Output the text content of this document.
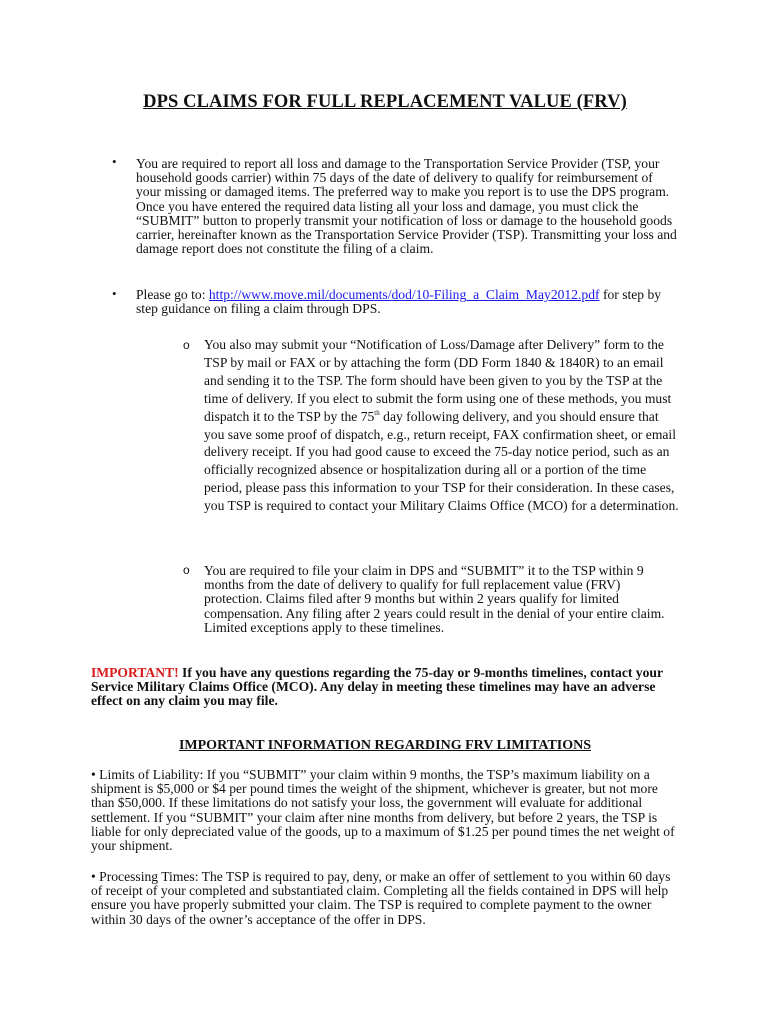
DPS CLAIMS FOR FULL REPLACEMENT VALUE (FRV)
• You are required to report all loss and damage to the Transportation Service Provider (TSP, your household goods carrier) within 75 days of the date of delivery to qualify for reimbursement of your missing or damaged items. The preferred way to make you report is to use the DPS program. Once you have entered the required data listing all your loss and damage, you must click the “SUBMIT” button to properly transmit your notification of loss or damage to the household goods carrier, hereinafter known as the Transportation Service Provider (TSP). Transmitting your loss and damage report does not constitute the filing of a claim.
• Please go to: http://www.move.mil/documents/dod/10-Filing_a_Claim_May2012.pdf for step by step guidance on filing a claim through DPS.
o You also may submit your “Notification of Loss/Damage after Delivery” form to the TSP by mail or FAX or by attaching the form (DD Form 1840 & 1840R) to an email and sending it to the TSP. The form should have been given to you by the TSP at the time of delivery. If you elect to submit the form using one of these methods, you must dispatch it to the TSP by the 75th day following delivery, and you should ensure that you save some proof of dispatch, e.g., return receipt, FAX confirmation sheet, or email delivery receipt. If you had good cause to exceed the 75-day notice period, such as an officially recognized absence or hospitalization during all or a portion of the time period, please pass this information to your TSP for their consideration. In these cases, you TSP is required to contact your Military Claims Office (MCO) for a determination.
o You are required to file your claim in DPS and “SUBMIT” it to the TSP within 9 months from the date of delivery to qualify for full replacement value (FRV) protection. Claims filed after 9 months but within 2 years qualify for limited compensation. Any filing after 2 years could result in the denial of your entire claim. Limited exceptions apply to these timelines.
IMPORTANT! If you have any questions regarding the 75-day or 9-months timelines, contact your Service Military Claims Office (MCO). Any delay in meeting these timelines may have an adverse effect on any claim you may file.
IMPORTANT INFORMATION REGARDING FRV LIMITATIONS
• Limits of Liability: If you “SUBMIT” your claim within 9 months, the TSP’s maximum liability on a shipment is $5,000 or $4 per pound times the weight of the shipment, whichever is greater, but not more than $50,000. If these limitations do not satisfy your loss, the government will evaluate for additional settlement. If you “SUBMIT” your claim after nine months from delivery, but before 2 years, the TSP is liable for only depreciated value of the goods, up to a maximum of $1.25 per pound times the net weight of your shipment.
• Processing Times: The TSP is required to pay, deny, or make an offer of settlement to you within 60 days of receipt of your completed and substantiated claim. Completing all the fields contained in DPS will help ensure you have properly submitted your claim. The TSP is required to complete payment to the owner within 30 days of the owner’s acceptance of the offer in DPS.
